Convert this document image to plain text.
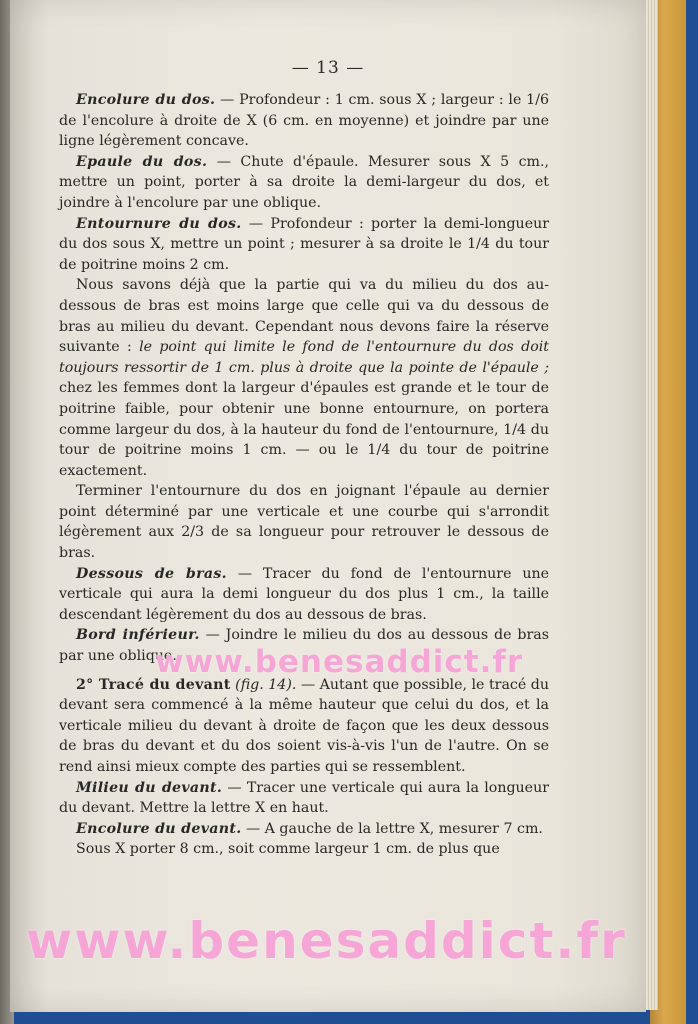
— 13 —

Encolure du dos. — Profondeur : 1 cm. sous X ; largeur : le 1/6 de l'encolure à droite de X (6 cm. en moyenne) et joindre par une ligne légèrement concave.

Epaule du dos. — Chute d'épaule. Mesurer sous X 5 cm., mettre un point, porter à sa droite la demi-largeur du dos, et joindre à l'encolure par une oblique.

Entournure du dos. — Profondeur : porter la demi-longueur du dos sous X, mettre un point ; mesurer à sa droite le 1/4 du tour de poitrine moins 2 cm.

Nous savons déjà que la partie qui va du milieu du dos au-dessous de bras est moins large que celle qui va du dessous de bras au milieu du devant. Cependant nous devons faire la réserve suivante : le point qui limite le fond de l'entournure du dos doit toujours ressortir de 1 cm. plus à droite que la pointe de l'épaule ; chez les femmes dont la largeur d'épaules est grande et le tour de poitrine faible, pour obtenir une bonne entournure, on portera comme largeur du dos, à la hauteur du fond de l'entournure, 1/4 du tour de poitrine moins 1 cm. — ou le 1/4 du tour de poitrine exactement.

Terminer l'entournure du dos en joignant l'épaule au dernier point déterminé par une verticale et une courbe qui s'arrondit légèrement aux 2/3 de sa longueur pour retrouver le dessous de bras.

Dessous de bras. — Tracer du fond de l'entournure une verticale qui aura la demi longueur du dos plus 1 cm., la taille descendant légèrement du dos au dessous de bras.

Bord inférieur. — Joindre le milieu du dos au dessous de bras par une oblique.

2° Tracé du devant (fig. 14). — Autant que possible, le tracé du devant sera commencé à la même hauteur que celui du dos, et la verticale milieu du devant à droite de façon que les deux dessous de bras du devant et du dos soient vis-à-vis l'un de l'autre. On se rend ainsi mieux compte des parties qui se ressemblent.

Milieu du devant. — Tracer une verticale qui aura la longueur du devant. Mettre la lettre X en haut.

Encolure du devant. — A gauche de la lettre X, mesurer 7 cm.

Sous X porter 8 cm., soit comme largeur 1 cm. de plus que

www.benesaddict.fr
www.benesaddict.fr
